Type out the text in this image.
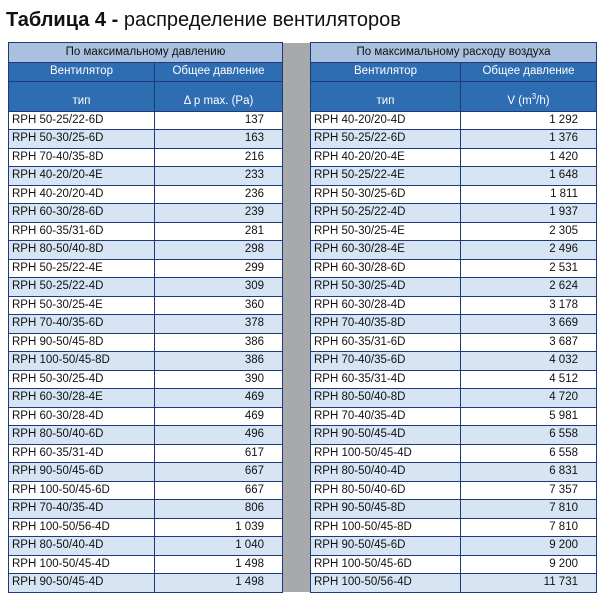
Таблица 4 - распределение вентиляторов
По максимальному давлению			По максимальному расходу воздуха	
Вентилятор	Общее давление		Вентилятор	Общее давление
тип	Δ p max. (Pa)		тип	V $(m^3/h)$
RPH 50-25/22-6D	137		RPH 40-20/20-4D	1 292
RPH 50-30/25-6D	163		RPH 50-25/22-6D	1 376
RPH 70-40/35-8D	216		RPH 40-20/20-4E	1 420
RPH 40-20/20-4E	233		RPH 50-25/22-4E	1 648
RPH 40-20/20-4D	236		RPH 50-30/25-6D	1 811
RPH 60-30/28-6D	239		RPH 50-25/22-4D	1 937
RPH 60-35/31-6D	281		RPH 50-30/25-4E	2 305
RPH 80-50/40-8D	298		RPH 60-30/28-4E	2 496
RPH 50-25/22-4E	299		RPH 60-30/28-6D	2 531
RPH 50-25/22-4D	309		RPH 50-30/25-4D	2 624
RPH 50-30/25-4E	360		RPH 60-30/28-4D	3 178
RPH 70-40/35-6D	378		RPH 70-40/35-8D	3 669
RPH 90-50/45-8D	386		RPH 60-35/31-6D	3 687
RPH 100-50/45-8D	386		RPH 70-40/35-6D	4 032
RPH 50-30/25-4D	390		RPH 60-35/31-4D	4 512
RPH 60-30/28-4E	469		RPH 80-50/40-8D	4 720
RPH 60-30/28-4D	469		RPH 70-40/35-4D	5 981
RPH 80-50/40-6D	496		RPH 90-50/45-4D	6 558
RPH 60-35/31-4D	617		RPH 100-50/45-4D	6 558
RPH 90-50/45-6D	667		RPH 80-50/40-4D	6 831
RPH 100-50/45-6D	667		RPH 80-50/40-6D	7 357
RPH 70-40/35-4D	806		RPH 90-50/45-8D	7 810
RPH 100-50/56-4D	1 039		RPH 100-50/45-8D	7 810
RPH 80-50/40-4D	1 040		RPH 90-50/45-6D	9 200
RPH 100-50/45-4D	1 498		RPH 100-50/45-6D	9 200
RPH 90-50/45-4D	1 498		RPH 100-50/56-4D	11 731
